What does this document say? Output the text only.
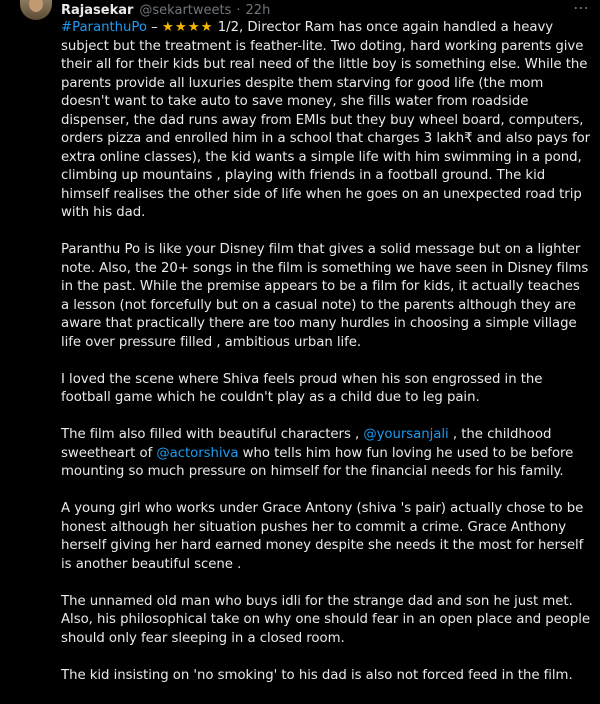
Rajasekar @sekartweets · 22h	⋯

#ParanthuPo – ★★★★ 1/2, Director Ram has once again handled a heavy subject but the treatment is feather-lite. Two doting, hard working parents give their all for their kids but real need of the little boy is something else. While the parents provide all luxuries despite them starving for good life (the mom doesn't want to take auto to save money, she fills water from roadside dispenser, the dad runs away from EMIs but they buy wheel board, computers, orders pizza and enrolled him in a school that charges 3 lakh₹ and also pays for extra online classes), the kid wants a simple life with him swimming in a pond, climbing up mountains , playing with friends in a football ground. The kid himself realises the other side of life when he goes on an unexpected road trip with his dad.

Paranthu Po is like your Disney film that gives a solid message but on a lighter note. Also, the 20+ songs in the film is something we have seen in Disney films in the past. While the premise appears to be a film for kids, it actually teaches a lesson (not forcefully but on a casual note) to the parents although they are aware that practically there are too many hurdles in choosing a simple village life over pressure filled , ambitious urban life.

I loved the scene where Shiva feels proud when his son engrossed in the football game which he couldn't play as a child due to leg pain.

The film also filled with beautiful characters , @yoursanjali , the childhood sweetheart of @actorshiva who tells him how fun loving he used to be before mounting so much pressure on himself for the financial needs for his family.

A young girl who works under Grace Antony (shiva 's pair) actually chose to be honest although her situation pushes her to commit a crime. Grace Anthony herself giving her hard earned money despite she needs it the most for herself is another beautiful scene .

The unnamed old man who buys idli for the strange dad and son he just met. Also, his philosophical take on why one should fear in an open place and people should only fear sleeping in a closed room.

The kid insisting on 'no smoking' to his dad is also not forced feed in the film.
